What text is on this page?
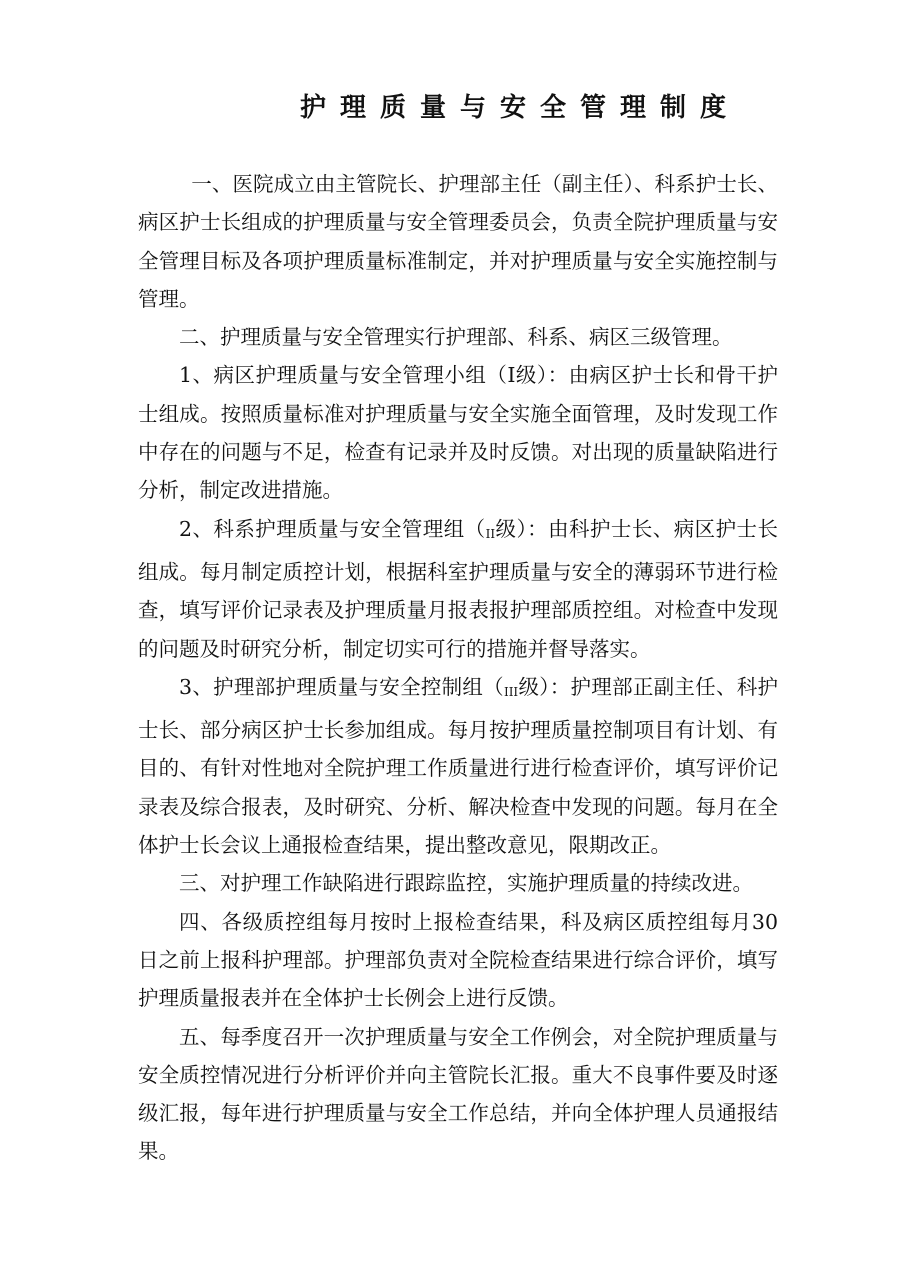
护理质量与安全管理制度

一、医院成立由主管院长、护理部主任（副主任）、科系护士长、病区护士长组成的护理质量与安全管理委员会，负责全院护理质量与安全管理目标及各项护理质量标准制定，并对护理质量与安全实施控制与管理。

二、护理质量与安全管理实行护理部、科系、病区三级管理。

1、病区护理质量与安全管理小组（Ⅰ级）：由病区护士长和骨干护士组成。按照质量标准对护理质量与安全实施全面管理，及时发现工作中存在的问题与不足，检查有记录并及时反馈。对出现的质量缺陷进行分析，制定改进措施。

2、科系护理质量与安全管理组（II级）：由科护士长、病区护士长组成。每月制定质控计划，根据科室护理质量与安全的薄弱环节进行检查，填写评价记录表及护理质量月报表报护理部质控组。对检查中发现的问题及时研究分析，制定切实可行的措施并督导落实。

3、护理部护理质量与安全控制组（III级）：护理部正副主任、科护士长、部分病区护士长参加组成。每月按护理质量控制项目有计划、有目的、有针对性地对全院护理工作质量进行进行检查评价，填写评价记录表及综合报表，及时研究、分析、解决检查中发现的问题。每月在全体护士长会议上通报检查结果，提出整改意见，限期改正。

三、对护理工作缺陷进行跟踪监控，实施护理质量的持续改进。

四、各级质控组每月按时上报检查结果，科及病区质控组每月30日之前上报科护理部。护理部负责对全院检查结果进行综合评价，填写护理质量报表并在全体护士长例会上进行反馈。

五、每季度召开一次护理质量与安全工作例会，对全院护理质量与安全质控情况进行分析评价并向主管院长汇报。重大不良事件要及时逐级汇报，每年进行护理质量与安全工作总结，并向全体护理人员通报结果。
